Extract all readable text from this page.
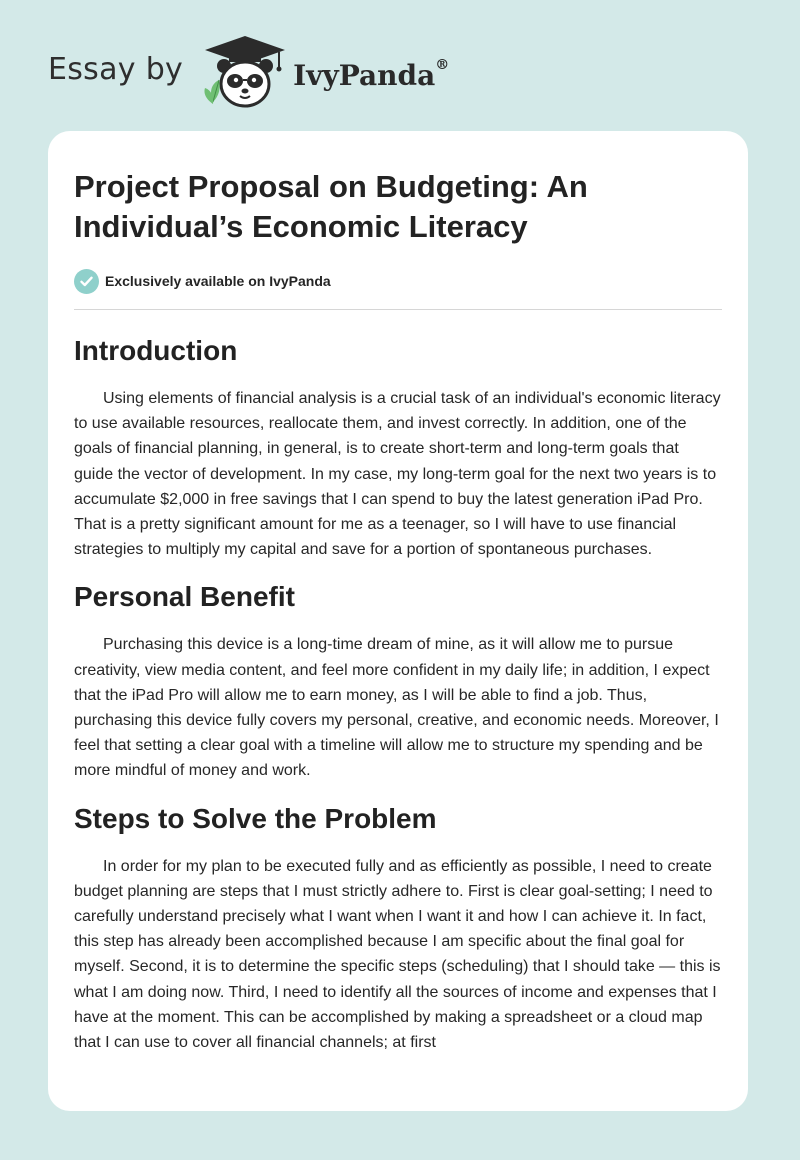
Essay by	IvyPanda®
Project Proposal on Budgeting: An Individual’s Economic Literacy
Exclusively available on IvyPanda
Introduction

Using elements of financial analysis is a crucial task of an individual's economic literacy to use available resources, reallocate them, and invest correctly. In addition, one of the goals of financial planning, in general, is to create short-term and long-term goals that guide the vector of development. In my case, my long-term goal for the next two years is to accumulate $2,000 in free savings that I can spend to buy the latest generation iPad Pro. That is a pretty significant amount for me as a teenager, so I will have to use financial strategies to multiply my capital and save for a portion of spontaneous purchases.

Personal Benefit

Purchasing this device is a long-time dream of mine, as it will allow me to pursue creativity, view media content, and feel more confident in my daily life; in addition, I expect that the iPad Pro will allow me to earn money, as I will be able to find a job. Thus, purchasing this device fully covers my personal, creative, and economic needs. Moreover, I feel that setting a clear goal with a timeline will allow me to structure my spending and be more mindful of money and work.

Steps to Solve the Problem

In order for my plan to be executed fully and as efficiently as possible, I need to create budget planning are steps that I must strictly adhere to. First is clear goal-setting; I need to carefully understand precisely what I want when I want it and how I can achieve it. In fact, this step has already been accomplished because I am specific about the final goal for myself. Second, it is to determine the specific steps (scheduling) that I should take — this is what I am doing now. Third, I need to identify all the sources of income and expenses that I have at the moment. This can be accomplished by making a spreadsheet or a cloud map that I can use to cover all financial channels; at first
